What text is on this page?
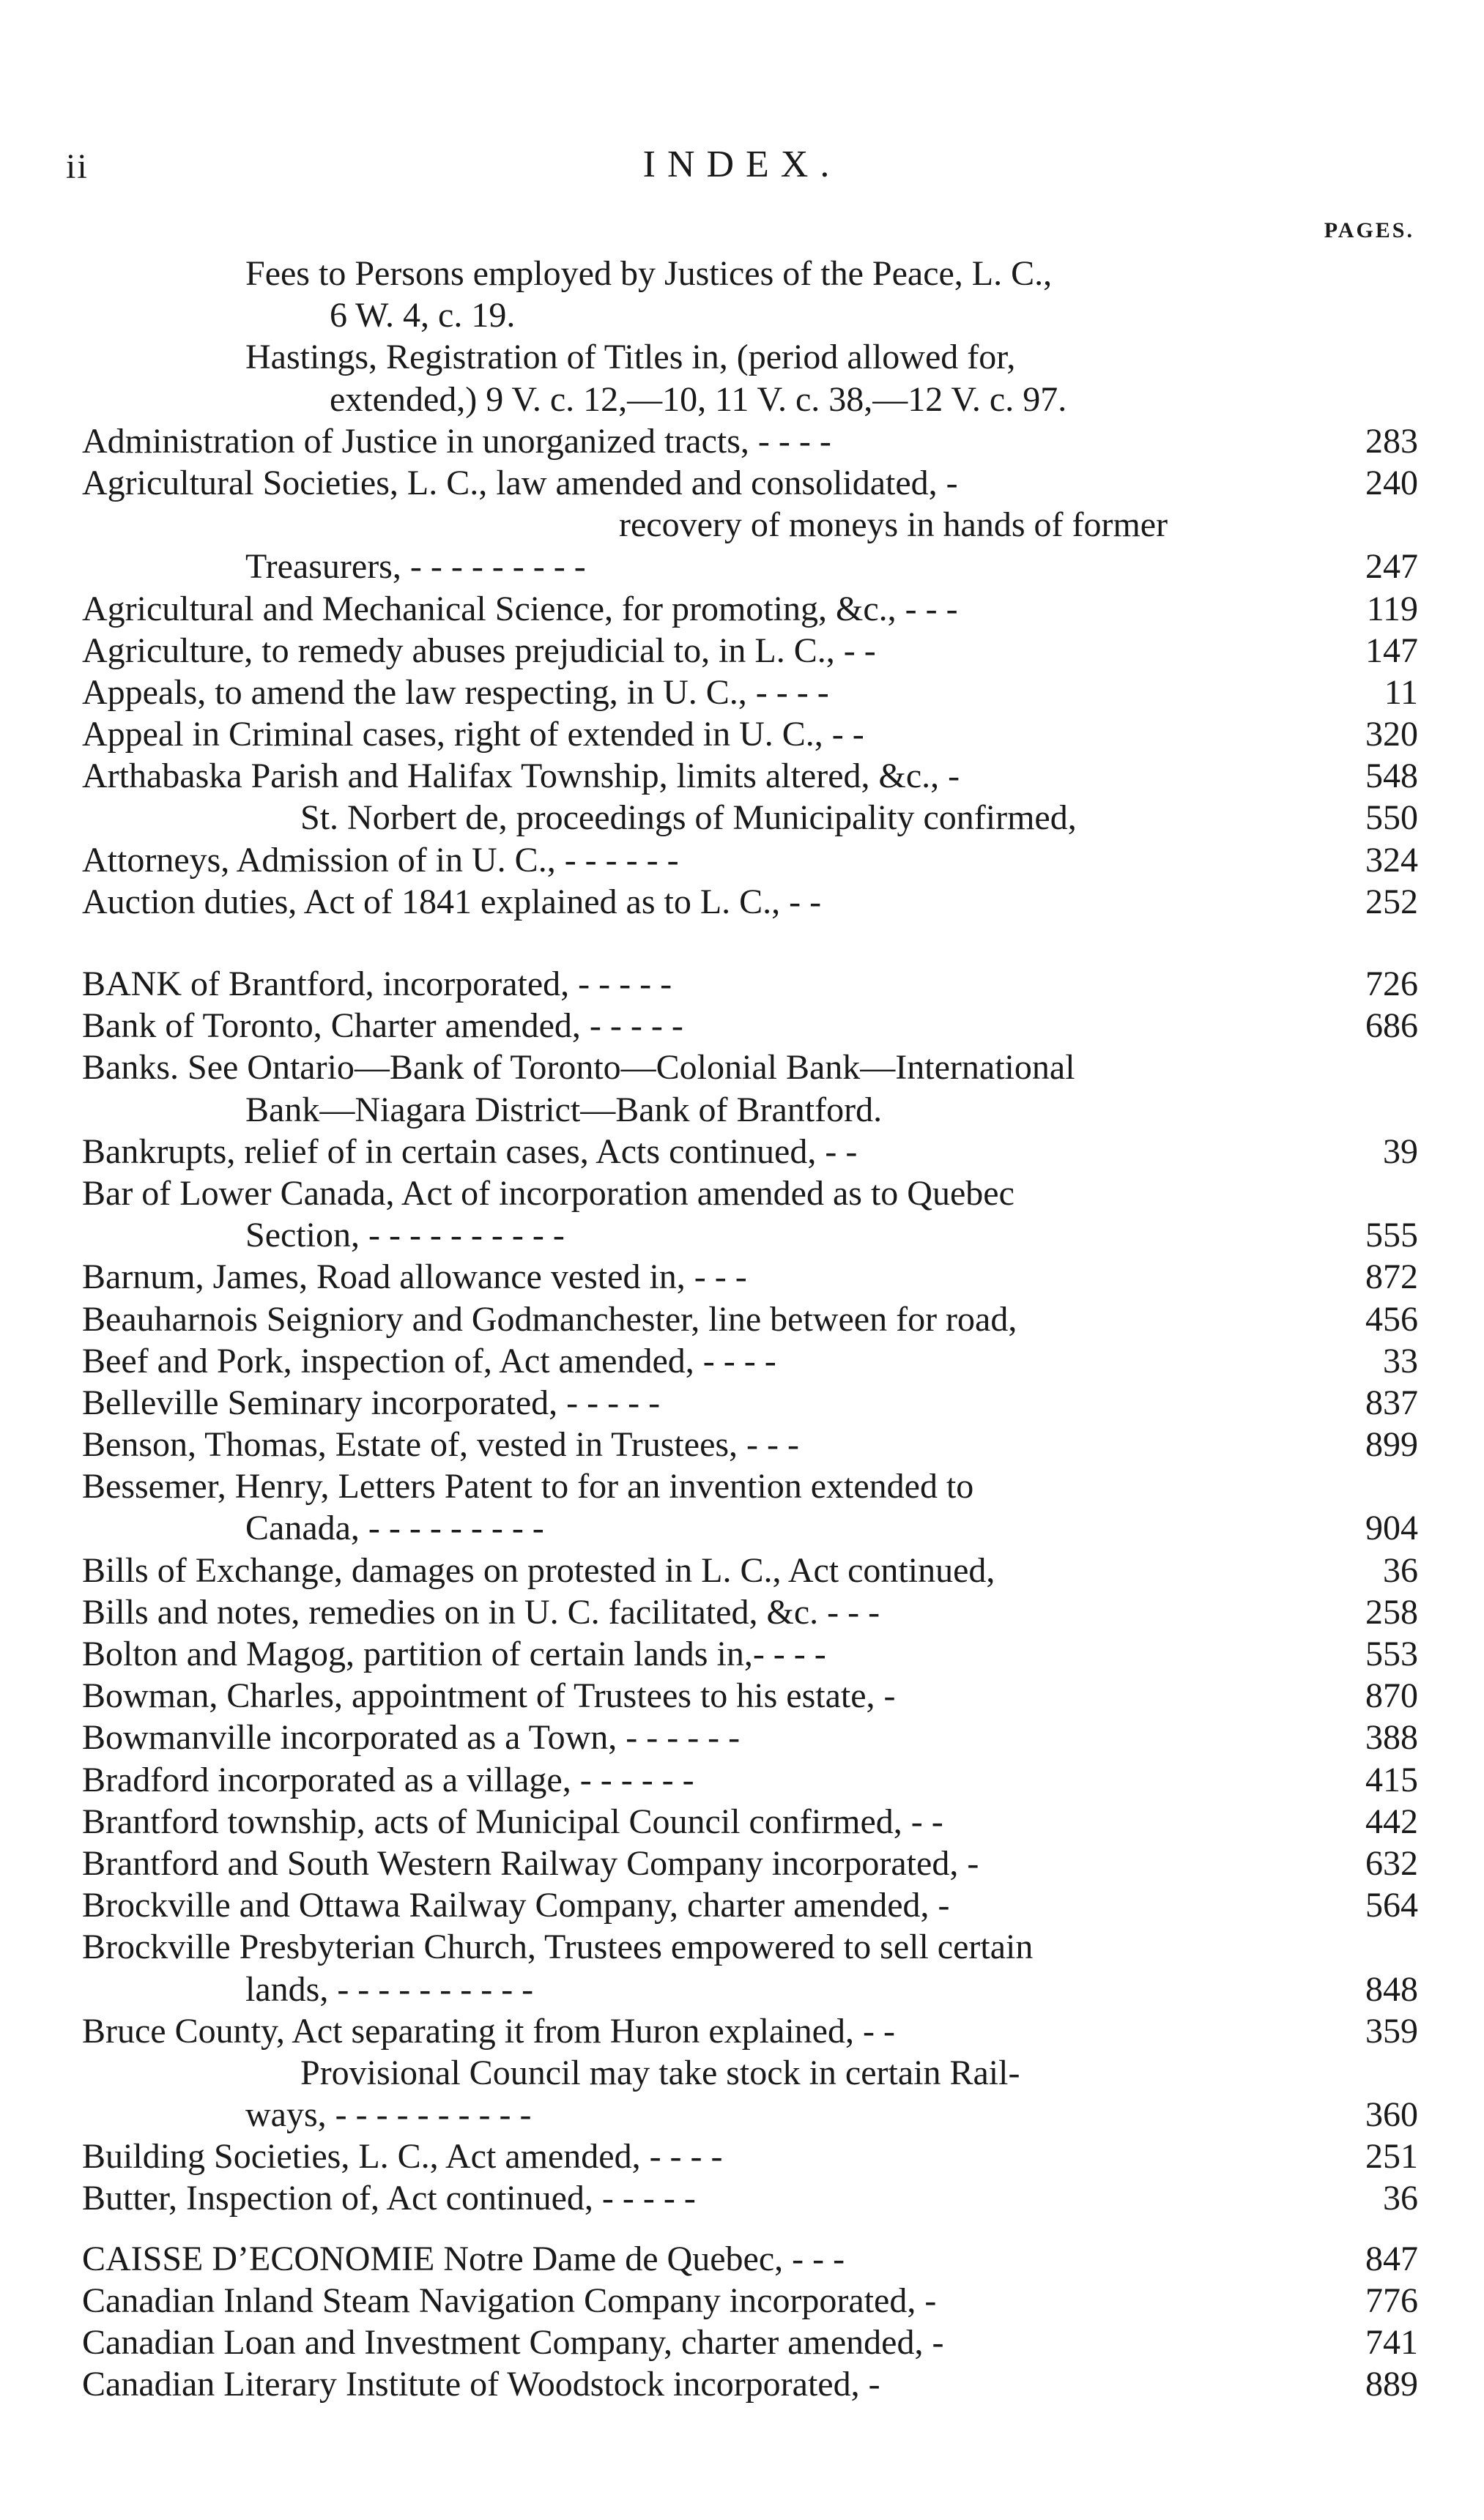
ii	INDEX.
PAGES.
Fees to Persons employed by Justices of the Peace, L. C.,
6 W. 4, c. 19.
Hastings, Registration of Titles in, (period allowed for,
extended,) 9 V. c. 12,—10, 11 V. c. 38,—12 V. c. 97.
Administration of Justice in unorganized tracts, - - - -	283
Agricultural Societies, L. C., law amended and consolidated, -	240
recovery of moneys in hands of former
Treasurers, - - - - - - - - -	247
Agricultural and Mechanical Science, for promoting, &c., - - -	119
Agriculture, to remedy abuses prejudicial to, in L. C., - -	147
Appeals, to amend the law respecting, in U. C., - - - -	11
Appeal in Criminal cases, right of extended in U. C., - -	320
Arthabaska Parish and Halifax Township, limits altered, &c., -	548
St. Norbert de, proceedings of Municipality confirmed,	550
Attorneys, Admission of in U. C., - - - - - -	324
Auction duties, Act of 1841 explained as to L. C., - -	252
BANK of Brantford, incorporated, - - - - -	726
Bank of Toronto, Charter amended, - - - - -	686
Banks. See Ontario—Bank of Toronto—Colonial Bank—International
Bank—Niagara District—Bank of Brantford.
Bankrupts, relief of in certain cases, Acts continued, - -	39
Bar of Lower Canada, Act of incorporation amended as to Quebec
Section, - - - - - - - - - -	555
Barnum, James, Road allowance vested in, - - -	872
Beauharnois Seigniory and Godmanchester, line between for road,	456
Beef and Pork, inspection of, Act amended, - - - -	33
Belleville Seminary incorporated, - - - - -	837
Benson, Thomas, Estate of, vested in Trustees, - - -	899
Bessemer, Henry, Letters Patent to for an invention extended to
Canada, - - - - - - - - -	904
Bills of Exchange, damages on protested in L. C., Act continued,	36
Bills and notes, remedies on in U. C. facilitated, &c. - - -	258
Bolton and Magog, partition of certain lands in,- - - -	553
Bowman, Charles, appointment of Trustees to his estate, -	870
Bowmanville incorporated as a Town, - - - - - -	388
Bradford incorporated as a village, - - - - - -	415
Brantford township, acts of Municipal Council confirmed, - -	442
Brantford and South Western Railway Company incorporated, -	632
Brockville and Ottawa Railway Company, charter amended, -	564
Brockville Presbyterian Church, Trustees empowered to sell certain
lands, - - - - - - - - - -	848
Bruce County, Act separating it from Huron explained, - -	359
Provisional Council may take stock in certain Rail-
ways, - - - - - - - - - -	360
Building Societies, L. C., Act amended, - - - -	251
Butter, Inspection of, Act continued, - - - - -	36
CAISSE D’ECONOMIE Notre Dame de Quebec, - - -	847
Canadian Inland Steam Navigation Company incorporated, -	776
Canadian Loan and Investment Company, charter amended, -	741
Canadian Literary Institute of Woodstock incorporated, -	889
